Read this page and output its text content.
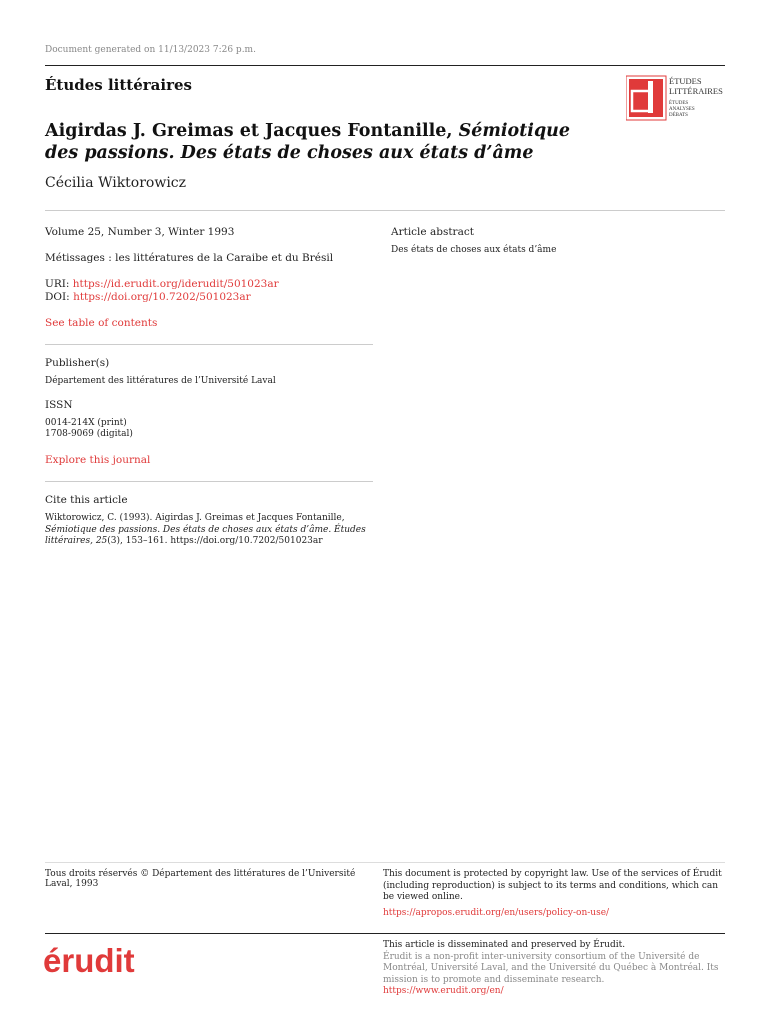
Document generated on 11/13/2023 7:26 p.m.
Études littéraires	ÉTUDES
LITTÉRAIRES
ÉTUDES
ANALYSES
DÉBATS
Aigirdas J. Greimas et Jacques Fontanille, Sémiotique des passions. Des états de choses aux états d’âme
Cécilia Wiktorowicz

Volume 25, Number 3, Winter 1993

Métissages : les littératures de la Caraibe et du Brésil

URI: https://id.erudit.org/iderudit/501023ar

DOI: https://doi.org/10.7202/501023ar

See table of contents

Publisher(s)

Département des littératures de l’Université Laval

ISSN

0014-214X (print)

1708-9069 (digital)

Explore this journal

Cite this article

Wiktorowicz, C. (1993). Aigirdas J. Greimas et Jacques Fontanille, Sémiotique des passions. Des états de choses aux états d’âme. Études littéraires, 25(3), 153–161. https://doi.org/10.7202/501023ar

Article abstract

Des états de choses aux états d’âme

Tous droits réservés © Département des littératures de l’Université Laval, 1993
This document is protected by copyright law. Use of the services of Érudit (including reproduction) is subject to its terms and conditions, which can be viewed online.
https://apropos.erudit.org/en/users/policy-on-use/
érudit	This article is disseminated and preserved by Érudit.
Érudit is a non-profit inter-university consortium of the Université de Montréal, Université Laval, and the Université du Québec à Montréal. Its mission is to promote and disseminate research.
https://www.erudit.org/en/
